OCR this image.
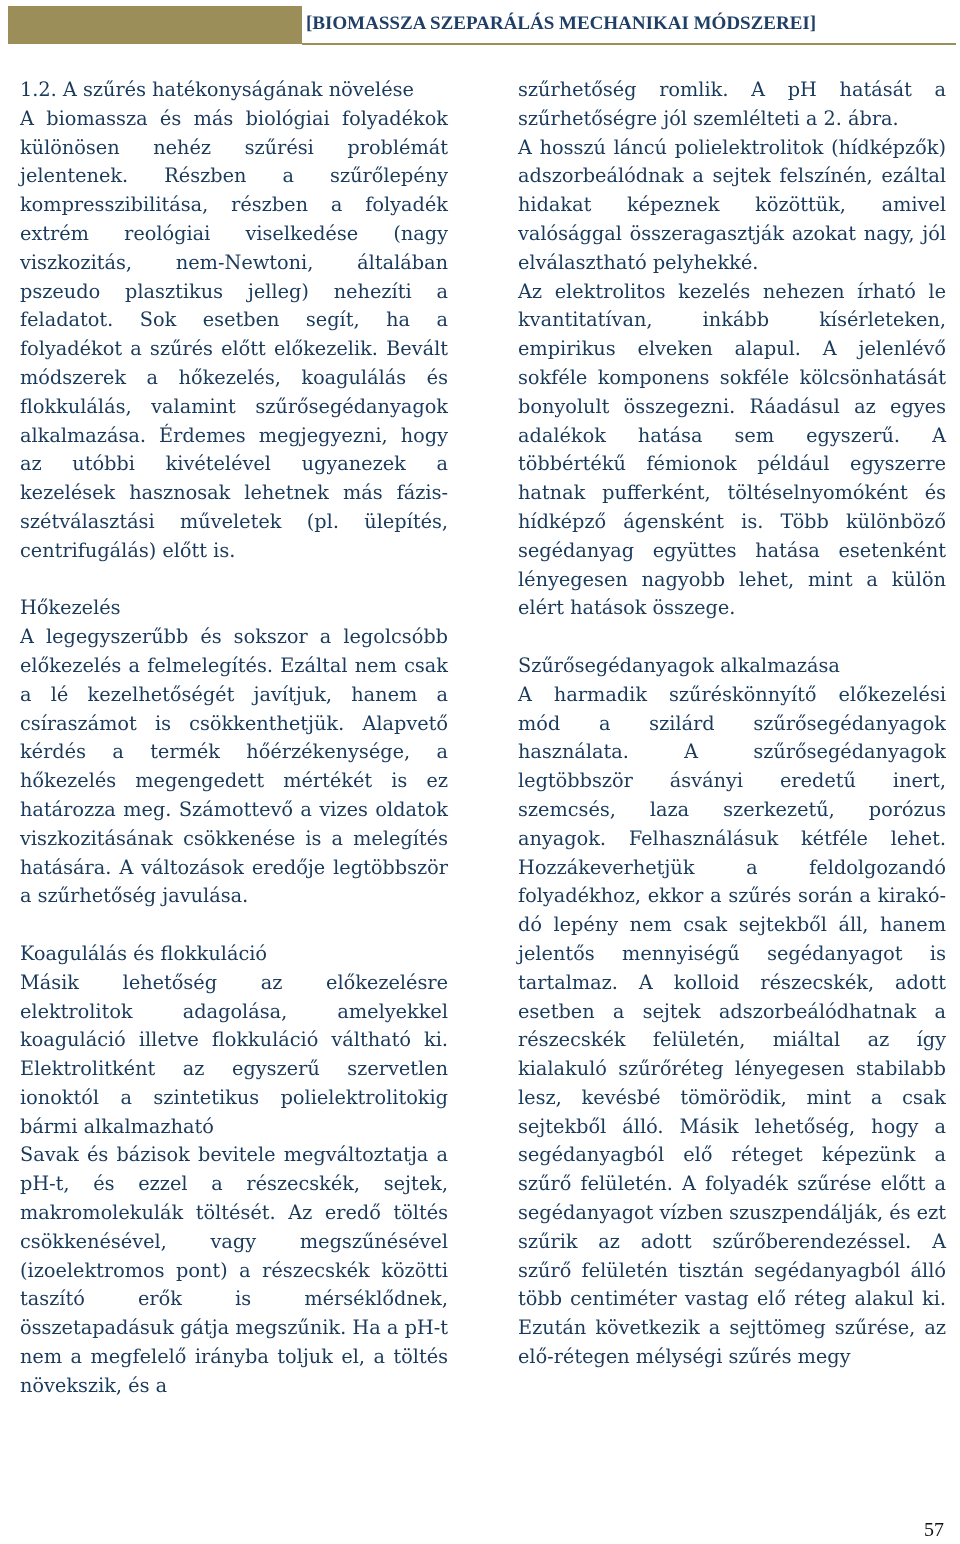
[BIOMASSZA SZEPARÁLÁS MECHANIKAI MÓDSZEREI]

1.2. A szűrés hatékonyságának növelése

A biomassza és más biológiai folyadékok különösen nehéz szűrési problémát jelentenek. Részben a szűrőlepény kompresszibilitása, részben a folyadék extrém reológiai viselkedése (nagy viszkozitás, nem-Newtoni, általában pszeudo plasztikus jelleg) nehezíti a feladatot. Sok esetben segít, ha a folyadékot a szűrés előtt előkezelik. Bevált módszerek a hőkezelés, koagulálás és flokkulálás, valamint szűrősegédanyagok alkalmazása. Érdemes megjegyezni, hogy az utóbbi kivételével ugyanezek a kezelések hasznosak lehetnek más fázis-szétválasztási műveletek (pl. ülepítés, centrifugálás) előtt is.

Hőkezelés

A legegyszerűbb és sokszor a legolcsóbb előkezelés a felmelegítés. Ezáltal nem csak a lé kezelhetőségét javítjuk, hanem a csíraszámot is csökkenthetjük. Alapvető kérdés a termék hőérzékenysége, a hőkezelés megengedett mértékét is ez határozza meg. Számottevő a vizes oldatok viszkozitásának csökkenése is a melegítés hatására. A változások eredője legtöbbször a szűrhetőség javulása.

Koagulálás és flokkuláció

Másik lehetőség az előkezelésre elektrolitok adagolása, amelyekkel koaguláció illetve flokkuláció váltható ki. Elektrolitként az egyszerű szervetlen ionoktól a szintetikus polielektrolitokig bármi alkalmazható

Savak és bázisok bevitele megváltoztatja a pH-t, és ezzel a részecskék, sejtek, makromolekulák töltését. Az eredő töltés csökkenésével, vagy megszűnésével (izoelektromos pont) a részecskék közötti taszító erők is mérséklődnek, összetapadásuk gátja megszűnik. Ha a pH-t nem a megfelelő irányba toljuk el, a töltés növekszik, és a

szűrhetőség romlik. A pH hatását a szűrhetőségre jól szemlélteti a 2. ábra.

A hosszú láncú polielektrolitok (hídképzők) adszorbeálódnak a sejtek felszínén, ezáltal hidakat képeznek közöttük, amivel valósággal összeragasztják azokat nagy, jól elválasztható pelyhekké.

Az elektrolitos kezelés nehezen írható le kvantitatívan, inkább kísérleteken, empirikus elveken alapul. A jelenlévő sokféle komponens sokféle kölcsönhatását bonyolult összegezni. Ráadásul az egyes adalékok hatása sem egyszerű. A többértékű fémionok például egyszerre hatnak pufferként, töltéselnyomóként és hídképző ágensként is. Több különböző segédanyag együttes hatása esetenként lényegesen nagyobb lehet, mint a külön elért hatások összege.

Szűrősegédanyagok alkalmazása

A harmadik szűréskönnyítő előkezelési mód a szilárd szűrősegédanyagok használata. A szűrősegédanyagok legtöbbször ásványi eredetű inert, szemcsés, laza szerkezetű, porózus anyagok. Felhasználásuk kétféle lehet. Hozzákeverhetjük a feldolgozandó folyadékhoz, ekkor a szűrés során a kirakó-dó lepény nem csak sejtekből áll, hanem jelentős mennyiségű segédanyagot is tartalmaz. A kolloid részecskék, adott esetben a sejtek adszorbeálódhatnak a részecskék felületén, miáltal az így kialakuló szűrőréteg lényegesen stabilabb lesz, kevésbé tömörödik, mint a csak sejtekből álló. Másik lehetőség, hogy a segédanyagból elő réteget képezünk a szűrő felületén. A folyadék szűrése előtt a segédanyagot vízben szuszpendálják, és ezt szűrik az adott szűrőberendezéssel. A szűrő felületén tisztán segédanyagból álló több centiméter vastag elő réteg alakul ki. Ezután következik a sejttömeg szűrése, az elő-rétegen mélységi szűrés megy

57
